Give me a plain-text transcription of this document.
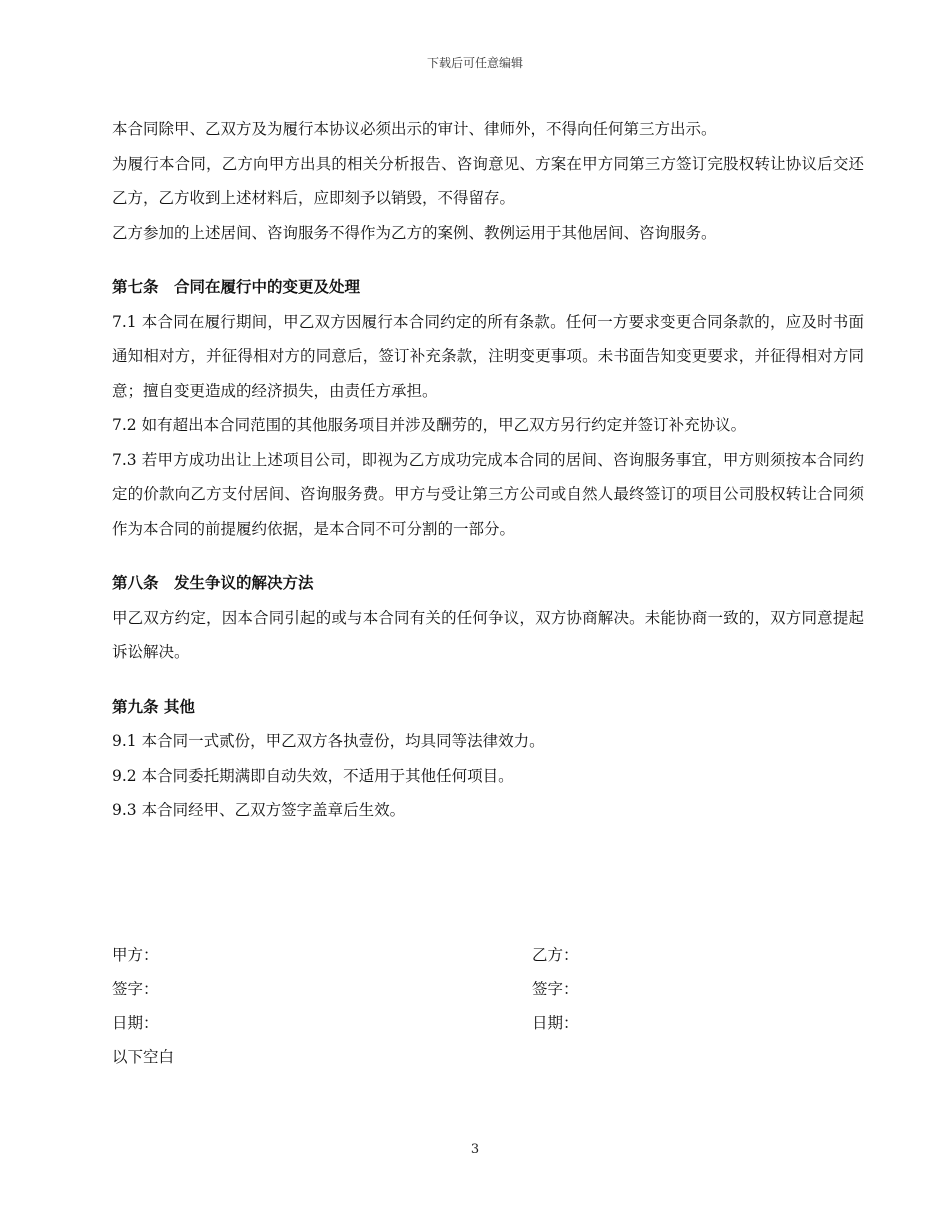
下载后可任意编辑

本合同除甲、乙双方及为履行本协议必须出示的审计、律师外，不得向任何第三方出示。

为履行本合同，乙方向甲方出具的相关分析报告、咨询意见、方案在甲方同第三方签订完股权转让协议后交还乙方，乙方收到上述材料后，应即刻予以销毁，不得留存。

乙方参加的上述居间、咨询服务不得作为乙方的案例、教例运用于其他居间、咨询服务。

第七条　合同在履行中的变更及处理

7.1 本合同在履行期间，甲乙双方因履行本合同约定的所有条款。任何一方要求变更合同条款的，应及时书面通知相对方，并征得相对方的同意后，签订补充条款，注明变更事项。未书面告知变更要求，并征得相对方同意；擅自变更造成的经济损失，由责任方承担。

7.2 如有超出本合同范围的其他服务项目并涉及酬劳的，甲乙双方另行约定并签订补充协议。

7.3 若甲方成功出让上述项目公司，即视为乙方成功完成本合同的居间、咨询服务事宜，甲方则须按本合同约定的价款向乙方支付居间、咨询服务费。甲方与受让第三方公司或自然人最终签订的项目公司股权转让合同须作为本合同的前提履约依据，是本合同不可分割的一部分。

第八条　发生争议的解决方法

甲乙双方约定，因本合同引起的或与本合同有关的任何争议，双方协商解决。未能协商一致的，双方同意提起诉讼解决。

第九条 其他

9.1 本合同一式贰份，甲乙双方各执壹份，均具同等法律效力。

9.2 本合同委托期满即自动失效，不适用于其他任何项目。

9.3 本合同经甲、乙双方签字盖章后生效。

甲方：	乙方：
签字：	签字：
日期：	日期：
以下空白
3
